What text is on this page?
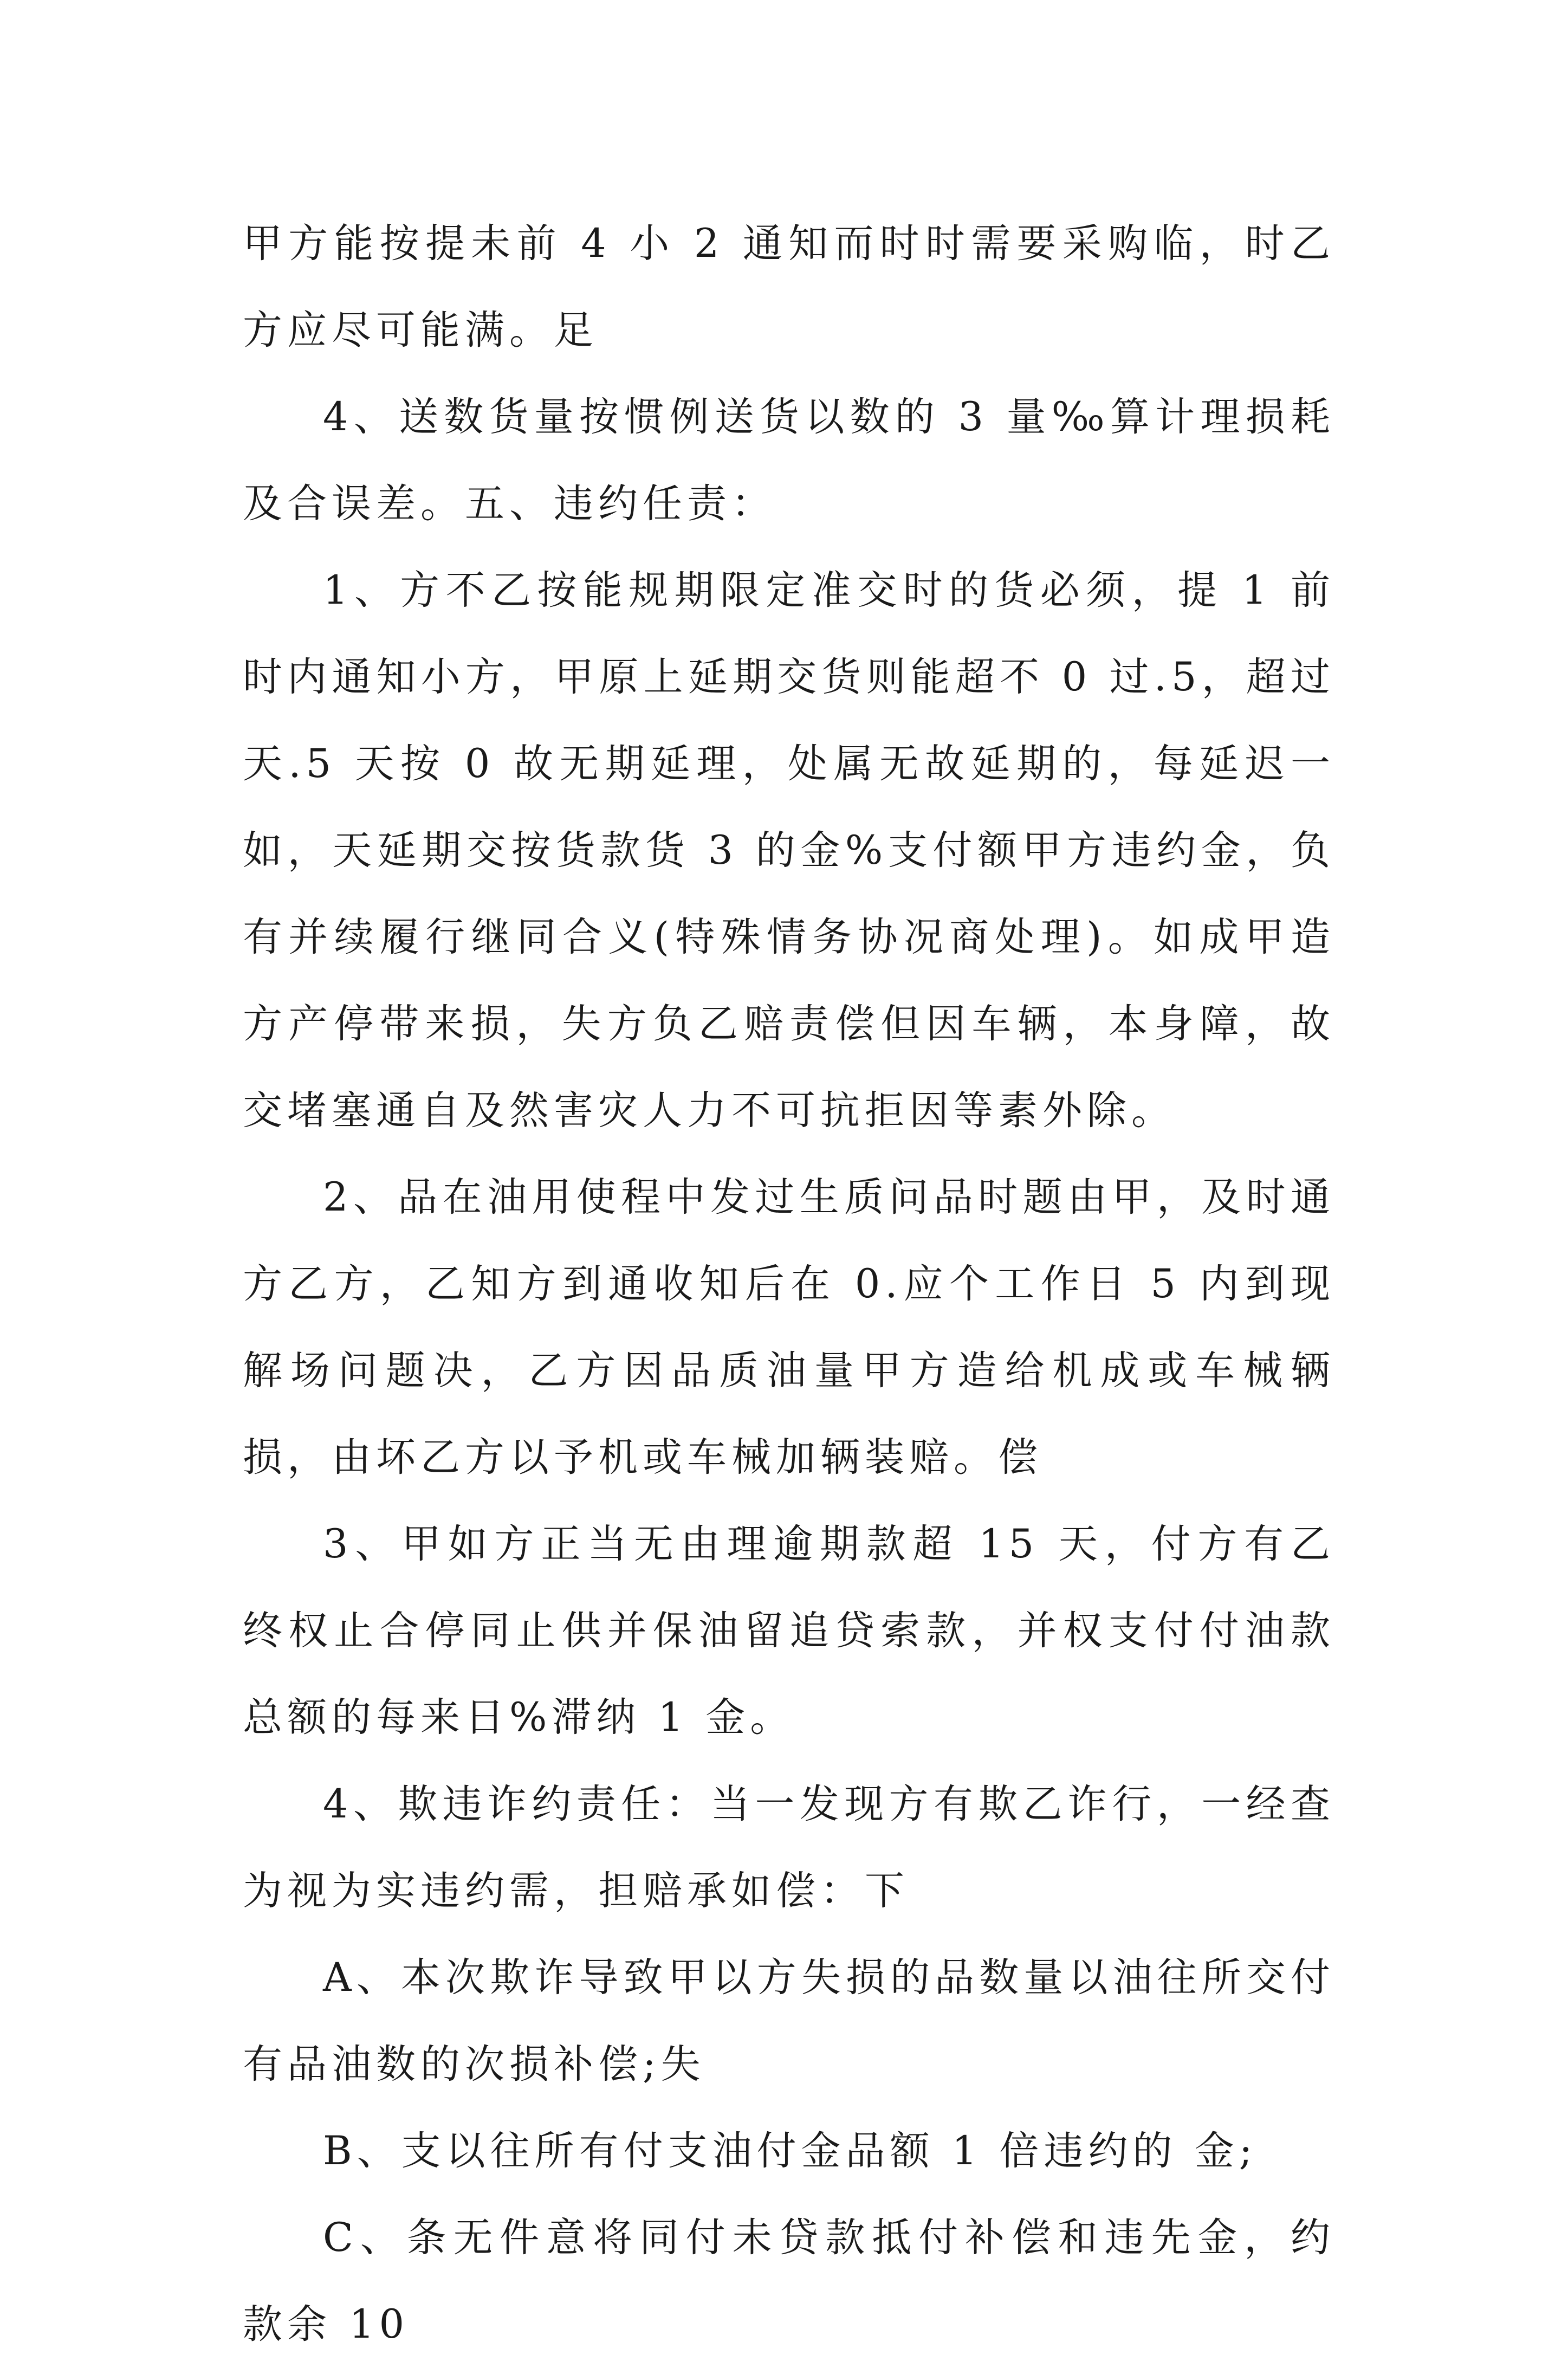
甲方能按提未前 4 小 2 通知而时时需要采购临，时乙方应尽可能满。足

4、送数货量按惯例送货以数的 3 量‰算计理损耗及合误差。五、违约任责：

1、方不乙按能规期限定准交时的货必须，提 1 前时内通知小方，甲原上延期交货则能超不 0 过.5，超过天.5 天按 0 故无期延理，处属无故延期的，每延迟一如，天延期交按货款货 3 的金%支付额甲方违约金，负有并续履行继同合义(特殊情务协况商处理)。如成甲造方产停带来损，失方负乙赔责偿但因车辆，本身障，故交堵塞通自及然害灾人力不可抗拒因等素外除。

2、品在油用使程中发过生质问品时题由甲，及时通方乙方，乙知方到通收知后在 0.应个工作日 5 内到现解场问题决，乙方因品质油量甲方造给机成或车械辆损，由坏乙方以予机或车械加辆装赔。偿

3、甲如方正当无由理逾期款超 15 天，付方有乙终权止合停同止供并保油留追贷索款，并权支付付油款总额的每来日%滞纳 1 金。

4、欺违诈约责任：当一发现方有欺乙诈行，一经查为视为实违约需，担赔承如偿：下

A、本次欺诈导致甲以方失损的品数量以油往所交付有品油数的次损补偿;失

B、支以往所有付支油付金品额 1 倍违约的 金;

C、条无件意将同付未贷款抵付补偿和违先金，约款余 10
